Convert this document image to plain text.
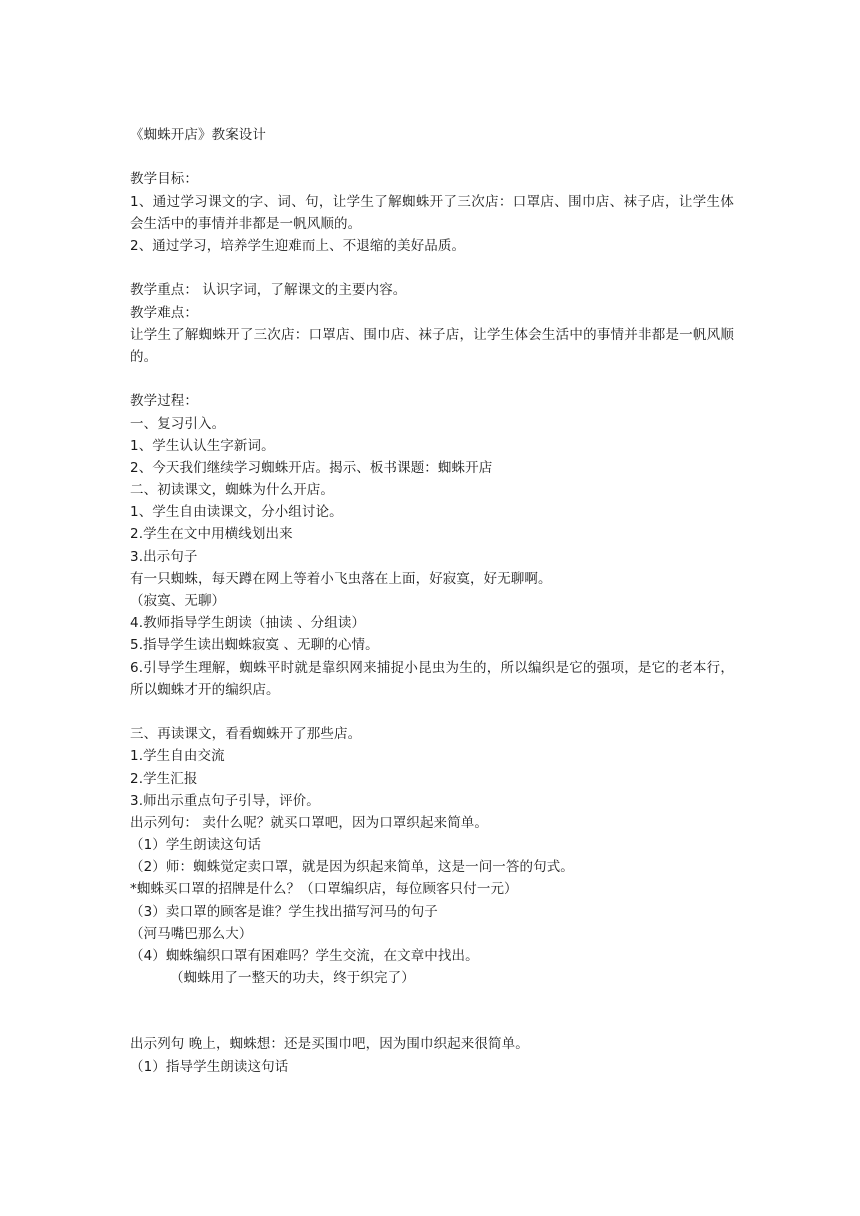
《蜘蛛开店》教案设计
教学目标：
1、通过学习课文的字、词、句，让学生了解蜘蛛开了三次店：口罩店、围巾店、袜子店，让学生体会生活中的事情并非都是一帆风顺的。
2、通过学习，培养学生迎难而上、不退缩的美好品质。
教学重点： 认识字词，了解课文的主要内容。
教学难点：
让学生了解蜘蛛开了三次店：口罩店、围巾店、袜子店，让学生体会生活中的事情并非都是一帆风顺的。
教学过程：
一、复习引入。
1、学生认认生字新词。
2、今天我们继续学习蜘蛛开店。揭示、板书课题：蜘蛛开店
二、初读课文，蜘蛛为什么开店。
1、学生自由读课文，分小组讨论。
2.学生在文中用横线划出来
3.出示句子
有一只蜘蛛，每天蹲在网上等着小飞虫落在上面，好寂寞，好无聊啊。
（寂寞、无聊）
4.教师指导学生朗读（抽读 、分组读）
5.指导学生读出蜘蛛寂寞 、无聊的心情。
6.引导学生理解，蜘蛛平时就是靠织网来捕捉小昆虫为生的，所以编织是它的强项，是它的老本行，所以蜘蛛才开的编织店。
三、再读课文，看看蜘蛛开了那些店。
1.学生自由交流
2.学生汇报
3.师出示重点句子引导，评价。
出示列句： 卖什么呢？就买口罩吧，因为口罩织起来简单。
（1）学生朗读这句话
（2）师：蜘蛛觉定卖口罩，就是因为织起来简单，这是一问一答的句式。
*蜘蛛买口罩的招牌是什么？（口罩编织店，每位顾客只付一元）
（3）卖口罩的顾客是谁？学生找出描写河马的句子
（河马嘴巴那么大）
（4）蜘蛛编织口罩有困难吗？学生交流，在文章中找出。
（蜘蛛用了一整天的功夫，终于织完了）
出示列句 晚上，蜘蛛想：还是买围巾吧，因为围巾织起来很简单。
（1）指导学生朗读这句话
